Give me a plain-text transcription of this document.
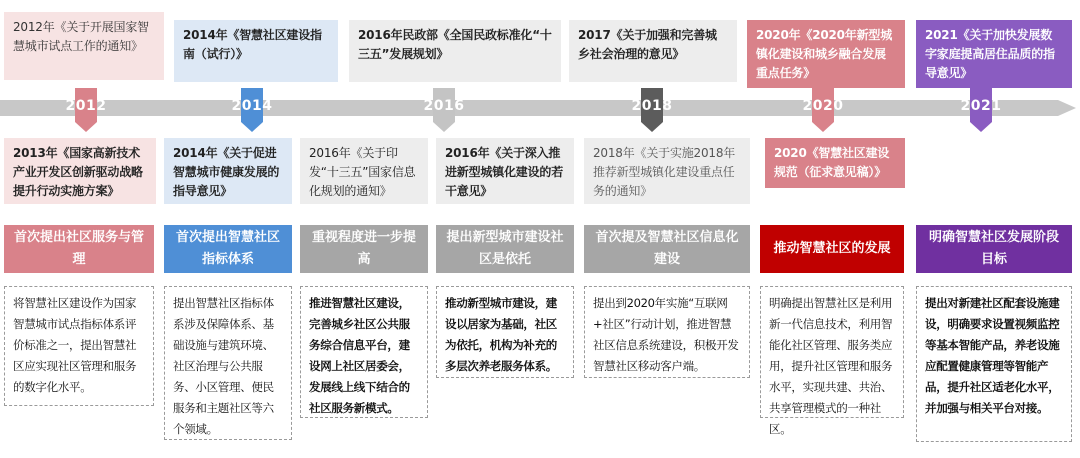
2012年《关于开展国家智慧城市试点工作的通知》
2014年《智慧社区建设指南（试行）》
2016年民政部《全国民政标准化“十三五”发展规划》
2017《关于加强和完善城乡社会治理的意见》
2020年《2020年新型城镇化建设和城乡融合发展重点任务》
2021《关于加快发展数字家庭提高居住品质的指导意见》
2012	2014	2016	2018	2020	2021
2013年《国家高新技术产业开发区创新驱动战略提升行动实施方案》
2014年《关于促进智慧城市健康发展的指导意见》
2016年《关于印发“十三五”国家信息化规划的通知》
2016年《关于深入推进新型城镇化建设的若干意见》
2018年《关于实施2018年推荐新型城镇化建设重点任务的通知》
2020《智慧社区建设规范（征求意见稿）》
首次提出社区服务与管理
首次提出智慧社区指标体系
重视程度进一步提高
提出新型城市建设社区是依托
首次提及智慧社区信息化建设
推动智慧社区的发展
明确智慧社区发展阶段目标
将智慧社区建设作为国家智慧城市试点指标体系评价标准之一，提出智慧社区应实现社区管理和服务的数字化水平。
提出智慧社区指标体系涉及保障体系、基础设施与建筑环境、社区治理与公共服务、小区管理、便民服务和主题社区等六个领域。
推进智慧社区建设，完善城乡社区公共服务综合信息平台，建设网上社区居委会，发展线上线下结合的社区服务新模式。
推动新型城市建设，建设以居家为基础，社区为依托，机构为补充的多层次养老服务体系。
提出到2020年实施“互联网+社区”行动计划，推进智慧社区信息系统建设，积极开发智慧社区移动客户端。
明确提出智慧社区是利用新一代信息技术，利用智能化社区管理、服务类应用，提升社区管理和服务水平，实现共建、共治、共享管理模式的一种社区。
提出对新建社区配套设施建设，明确要求设置视频监控等基本智能产品，养老设施应配置健康管理等智能产品，提升社区适老化水平，并加强与相关平台对接。
